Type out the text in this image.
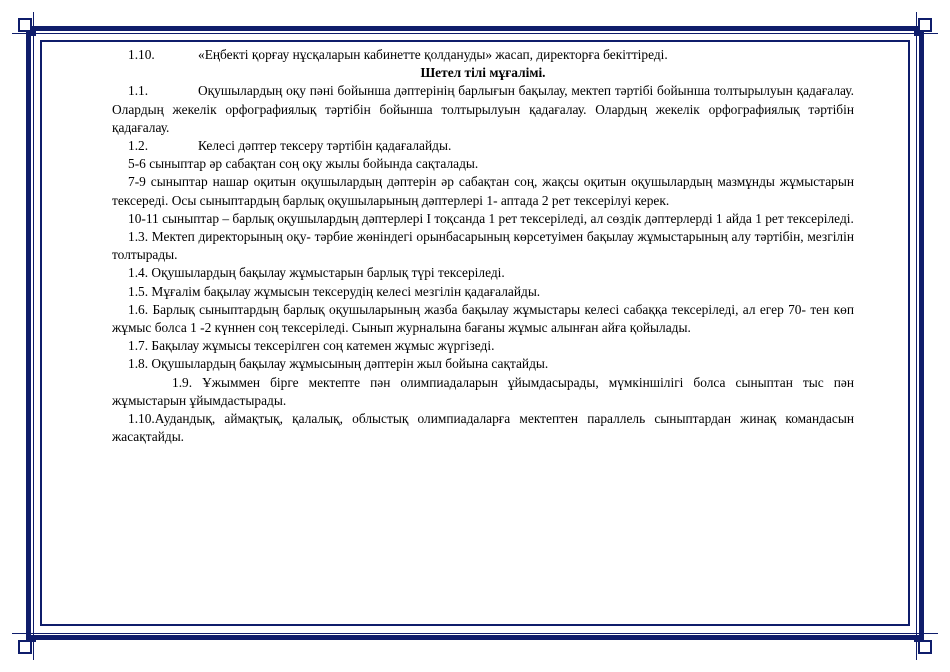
1.10.	«Еңбекті қорғау нұсқаларын кабинетте қолдануды» жасап, директорға бекіттіреді.

Шетел тілі мұғалімі.

1.1.	Оқушылардың оқу пәні бойынша дәптерінің барлығын бақылау, мектеп тәртібі бойынша толтырылуын қадағалау. Олардың жекелік орфографиялық тәртібін бойынша толтырылуын қадағалау. Олардың жекелік орфографиялық тәртібін қадағалау.

1.2.	Келесі дәптер тексеру тәртібін қадағалайды.

5-6 сыныптар әр сабақтан соң оқу жылы бойында сақталады.

7-9 сыныптар нашар оқитын оқушылардың дәптерін әр сабақтан соң, жақсы оқитын оқушылардың мазмұнды жұмыстарын тексереді. Осы сыныптардың барлық оқушыларының дәптерлері 1- аптада 2 рет тексерілуі керек.

10-11 сыныптар – барлық оқушылардың дәптерлері I тоқсанда 1 рет тексеріледі, ал сөздік дәптерлерді 1 айда 1 рет тексеріледі.

1.3. Мектеп директорының оқу- тәрбие жөніндегі орынбасарының көрсетуімен бақылау жұмыстарының алу тәртібін, мезгілін толтырады.

1.4. Оқушылардың бақылау жұмыстарын барлық түрі тексеріледі.

1.5. Мұғалім бақылау жұмысын тексерудің келесі мезгілін қадағалайды.

1.6. Барлық сыныптардың барлық оқушыларының жазба бақылау жұмыстары келесі сабаққа тексеріледі, ал егер 70- тен көп жұмыс болса 1 -2 күннен соң тексеріледі. Сынып журналына бағаны жұмыс алынған айға қойылады.

1.7. Бақылау жұмысы тексерілген соң катемен жұмыс жүргізеді.

1.8. Оқушылардың бақылау жұмысының дәптерін жыл бойына сақтайды.

1.9. Ұжыммен бірге мектепте пән олимпиадаларын ұйымдасырады, мүмкіншілігі болса сыныптан тыс пән жұмыстарын ұйымдастырады.

1.10.Аудандық, аймақтық, қалалық, облыстық олимпиадаларға мектептен параллель сыныптардан жинақ командасын жасақтайды.
